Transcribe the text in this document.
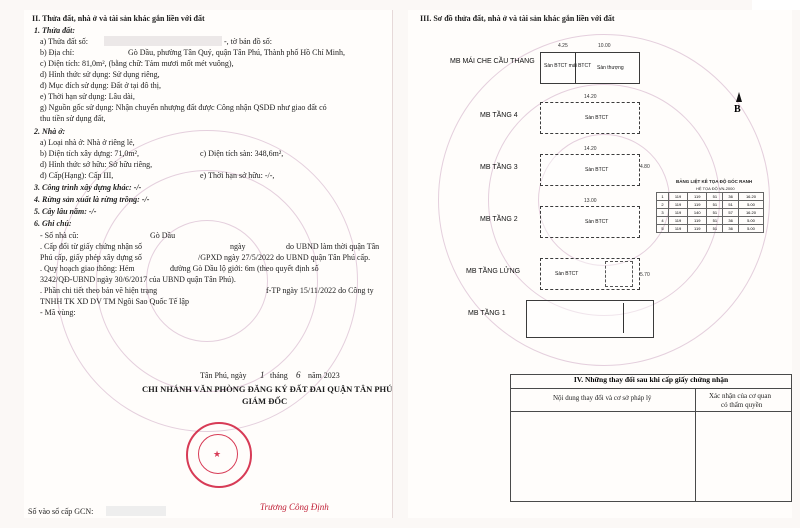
II. Thửa đất, nhà ở và tài sản khác gắn liền với đất
1. Thửa đất:
a) Thửa đất số:	-, tờ bản đồ số:
b) Địa chỉ:	Gò Dầu, phường Tân Quý, quận Tân Phú, Thành phố Hồ Chí Minh,
c) Diện tích: 81,0m², (bằng chữ: Tám mươi mốt mét vuông),
d) Hình thức sử dụng: Sử dụng riêng,
đ) Mục đích sử dụng: Đất ở tại đô thị,
e) Thời hạn sử dụng: Lâu dài,
g) Nguồn gốc sử dụng: Nhận chuyển nhượng đất được Công nhận QSDĐ như giao đất có
thu tiền sử dụng đất,
2. Nhà ở:
a) Loại nhà ở: Nhà ở riêng lẻ,
b) Diện tích xây dựng: 71,0m²,	c) Diện tích sàn: 348,6m²,
d) Hình thức sở hữu: Sở hữu riêng,
đ) Cấp(Hạng): Cấp III,	e) Thời hạn sở hữu: -/-,
3. Công trình xây dựng khác: -/-
4. Rừng sản xuất là rừng trồng: -/-
5. Cây lâu năm: -/-
6. Ghi chú:
- Số nhà cũ:	Gò Dầu
. Cấp đổi từ giấy chứng nhận số	ngày	do UBND làm thời quận Tân
Phú cấp, giấy phép xây dựng số	/GPXD ngày 27/5/2022 do UBND quận Tân Phú cấp.
. Quy hoạch giao thông: Hẻm	đường Gò Dầu lộ giới: 6m (theo quyết định số
3242/QĐ-UBND ngày 30/6/2017 của UBND quận Tân Phú).
. Phần chi tiết theo bản vẽ hiện trạng	f-TP ngày 15/11/2022 do Công ty
TNHH TK XD DV TM Ngôi Sao Quốc Tế lập
- Mã vùng:
Tân Phú, ngày 1 tháng 6 năm 2023
CHI NHÁNH VĂN PHÒNG ĐĂNG KÝ ĐẤT ĐAI QUẬN TÂN PHÚ
GIÁM ĐỐC
★
Trương Công Định
Số vào sổ cấp GCN:
III. Sơ đồ thửa đất, nhà ở và tài sản khác gắn liền với đất
MB MÁI CHE CẦU THANG
MB TẦNG 4
MB TẦNG 3
MB TẦNG 2
MB TẦNG LỬNG
MB TẦNG 1
Sàn BTCT mái BTCT Sàn thượng
4.25	10.00
Sàn BTCT
14.20
Sàn BTCT
14.20
4.80
Sàn BTCT
13.00
Sàn BTCT	5.70
B
BẢNG LIỆT KÊ TỌA ĐỘ GÓC RANH
HỆ TỌA ĐỘ VN-2000
1	119	119	51	36	16.20
2	119	119	51	51	5.00
3	119	140	51	57	16.20
4	119	119	51	36	5.00
5	119	119	51	36	5.00
IV. Những thay đổi sau khi cấp giấy chứng nhận
Nội dung thay đổi và cơ sở pháp lý	Xác nhận của cơ quan
có thẩm quyền
